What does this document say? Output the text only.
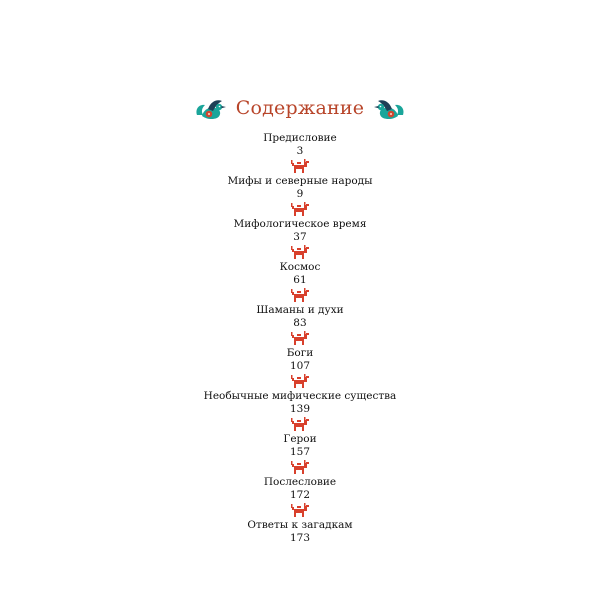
Содержание
Предисловие
3
Мифы и северные народы
9
Мифологическое время
37
Космос
61
Шаманы и духи
83
Боги
107
Необычные мифические существа
139
Герои
157
Послесловие
172
Ответы к загадкам
173
